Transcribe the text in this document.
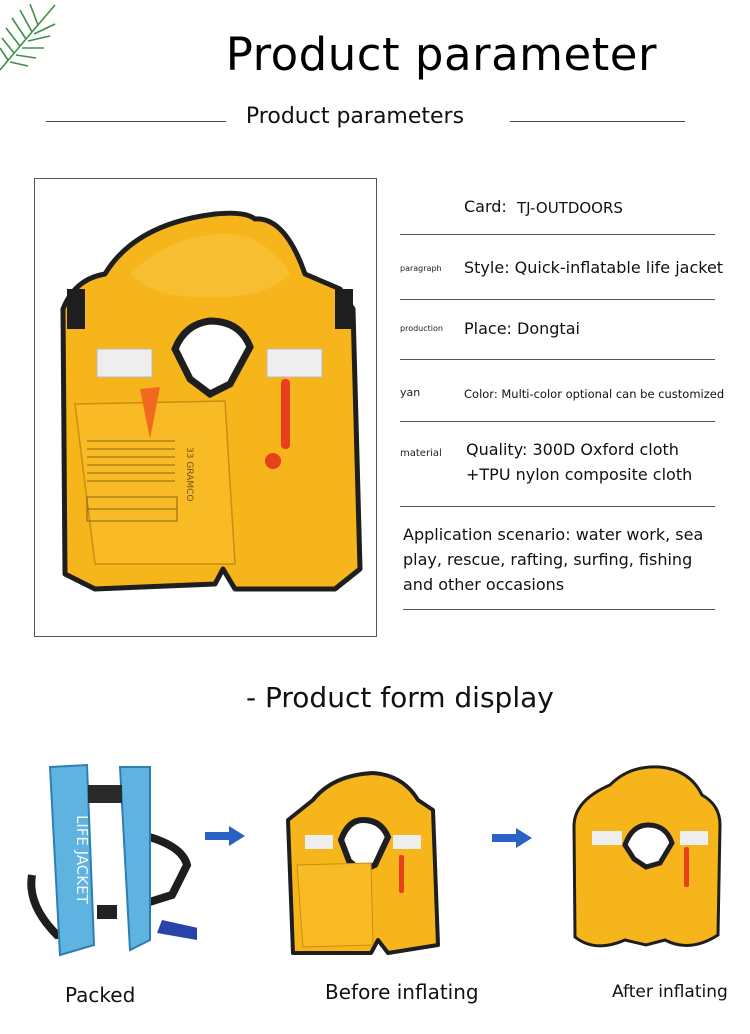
Product parameter
Product parameters
33 GRAMCO
Card: TJ-OUTDOORS
paragraph Style: Quick-inflatable life jacket
production Place: Dongtai
yan	Color: Multi-color optional can be customized
material Quality: 300D Oxford cloth
+TPU nylon composite cloth
Application scenario: water work, sea
play, rescue, rafting, surfing, fishing
and other occasions
- Product form display
LIFE JACKET
Packed	Before inflating	After inflating
